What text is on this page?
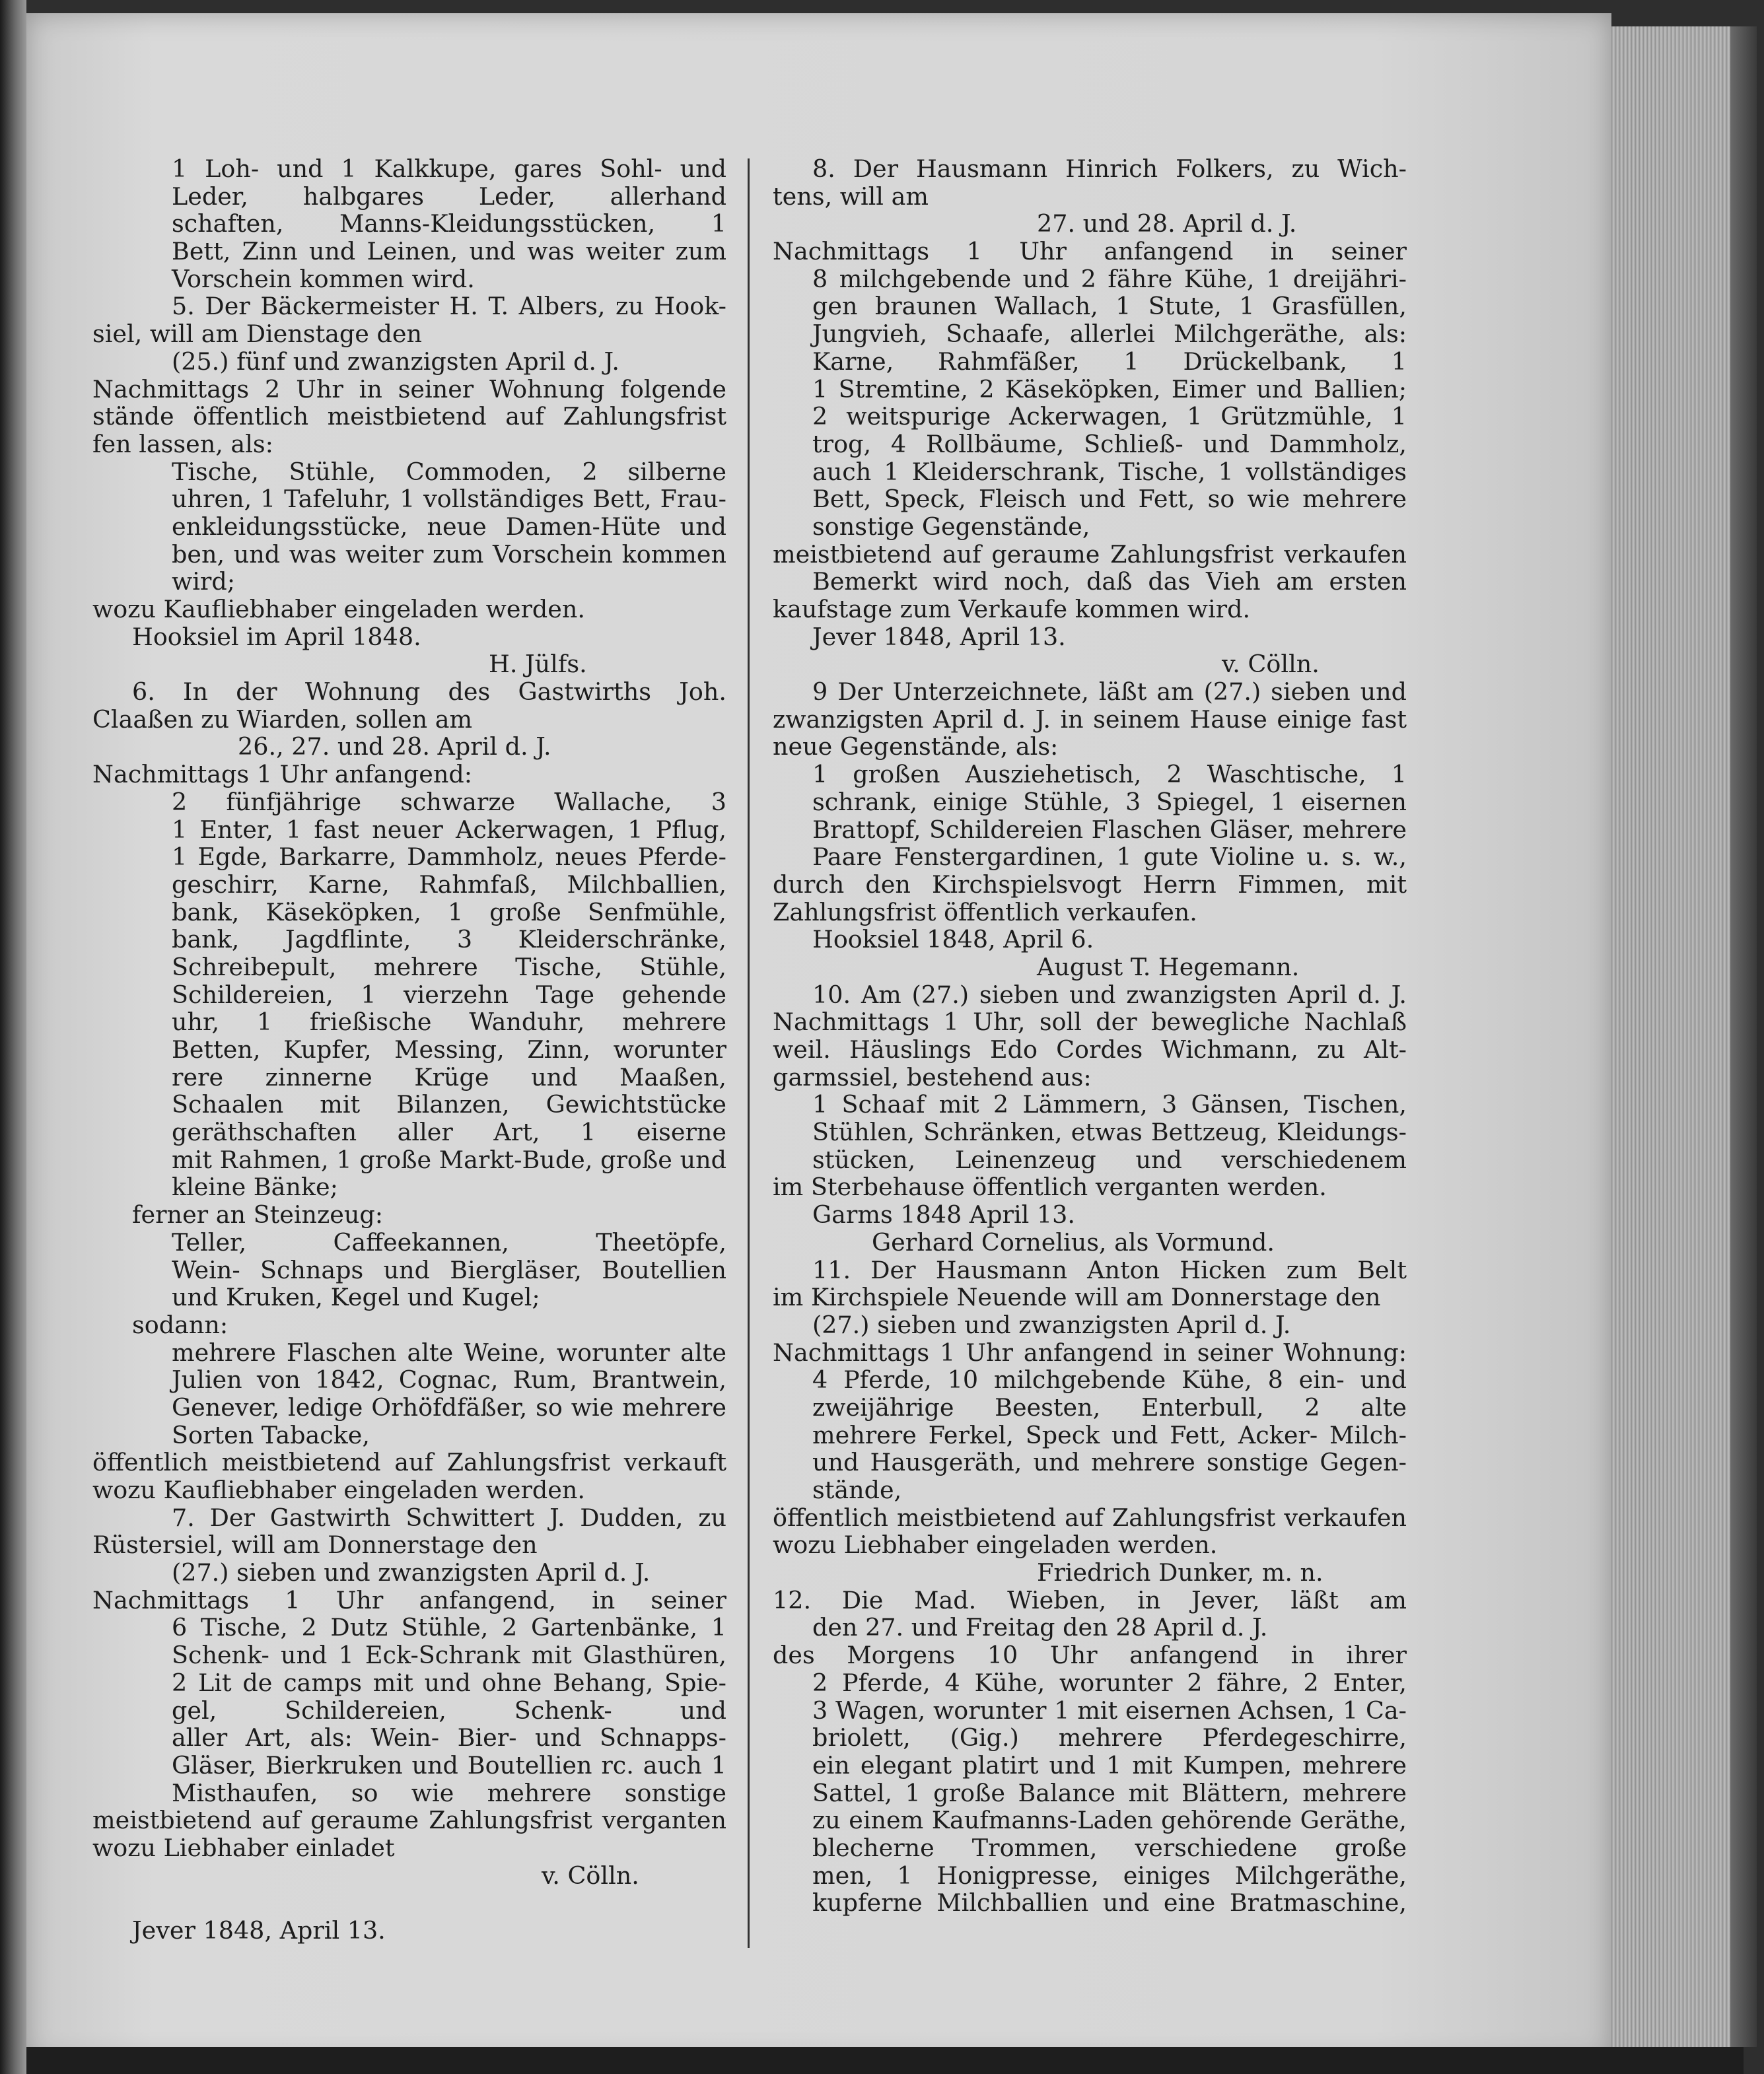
1 Loh- und 1 Kalkkupe, gares Sohl- und
Leder, halbgares Leder, allerhand
schaften, Manns-Kleidungsstücken, 1
Bett, Zinn und Leinen, und was weiter zum
Vorschein kommen wird.
5. Der Bäckermeister H. T. Albers, zu Hook-
siel, will am Dienstage den
(25.) fünf und zwanzigsten April d. J.
Nachmittags 2 Uhr in seiner Wohnung folgende
stände öffentlich meistbietend auf Zahlungsfrist
fen lassen, als:
Tische, Stühle, Commoden, 2 silberne
uhren, 1 Tafeluhr, 1 vollständiges Bett, Frau-
enkleidungsstücke, neue Damen-Hüte und
ben, und was weiter zum Vorschein kommen
wird;
wozu Kaufliebhaber eingeladen werden.
Hooksiel im April 1848.
H. Jülfs.
6. In der Wohnung des Gastwirths Joh.
Claaßen zu Wiarden, sollen am
26., 27. und 28. April d. J.
Nachmittags 1 Uhr anfangend:
2 fünfjährige schwarze Wallache, 3
1 Enter, 1 fast neuer Ackerwagen, 1 Pflug,
1 Egde, Barkarre, Dammholz, neues Pferde-
geschirr, Karne, Rahmfaß, Milchballien,
bank, Käseköpken, 1 große Senfmühle,
bank, Jagdflinte, 3 Kleiderschränke,
Schreibepult, mehrere Tische, Stühle,
Schildereien, 1 vierzehn Tage gehende
uhr, 1 frießische Wanduhr, mehrere
Betten, Kupfer, Messing, Zinn, worunter
rere zinnerne Krüge und Maaßen,
Schaalen mit Bilanzen, Gewichtstücke
geräthschaften aller Art, 1 eiserne
mit Rahmen, 1 große Markt-Bude, große und
kleine Bänke;
ferner an Steinzeug:
Teller, Caffeekannen, Theetöpfe,
Wein- Schnaps und Biergläser, Boutellien
und Kruken, Kegel und Kugel;
sodann:
mehrere Flaschen alte Weine, worunter alte
Julien von 1842, Cognac, Rum, Brantwein,
Genever, ledige Orhöfdfäßer, so wie mehrere
Sorten Tabacke,
öffentlich meistbietend auf Zahlungsfrist verkauft
wozu Kaufliebhaber eingeladen werden.
7. Der Gastwirth Schwittert J. Dudden, zu
Rüstersiel, will am Donnerstage den
(27.) sieben und zwanzigsten April d. J.
Nachmittags 1 Uhr anfangend, in seiner
6 Tische, 2 Dutz Stühle, 2 Gartenbänke, 1
Schenk- und 1 Eck-Schrank mit Glasthüren,
2 Lit de camps mit und ohne Behang, Spie-
gel, Schildereien, Schenk- und
aller Art, als: Wein- Bier- und Schnapps-
Gläser, Bierkruken und Boutellien rc. auch 1
Misthaufen, so wie mehrere sonstige
meistbietend auf geraume Zahlungsfrist verganten
wozu Liebhaber einladet
v. Cölln.
Jever 1848, April 13.
8. Der Hausmann Hinrich Folkers, zu Wich-
tens, will am
27. und 28. April d. J.
Nachmittags 1 Uhr anfangend in seiner
8 milchgebende und 2 fähre Kühe, 1 dreijähri-
gen braunen Wallach, 1 Stute, 1 Grasfüllen,
Jungvieh, Schaafe, allerlei Milchgeräthe, als:
Karne, Rahmfäßer, 1 Drückelbank, 1
1 Stremtine, 2 Käseköpken, Eimer und Ballien;
2 weitspurige Ackerwagen, 1 Grützmühle, 1
trog, 4 Rollbäume, Schließ- und Dammholz,
auch 1 Kleiderschrank, Tische, 1 vollständiges
Bett, Speck, Fleisch und Fett, so wie mehrere
sonstige Gegenstände,
meistbietend auf geraume Zahlungsfrist verkaufen
Bemerkt wird noch, daß das Vieh am ersten
kaufstage zum Verkaufe kommen wird.
Jever 1848, April 13.
v. Cölln.
9 Der Unterzeichnete, läßt am (27.) sieben und
zwanzigsten April d. J. in seinem Hause einige fast
neue Gegenstände, als:
1 großen Ausziehetisch, 2 Waschtische, 1
schrank, einige Stühle, 3 Spiegel, 1 eisernen
Brattopf, Schildereien Flaschen Gläser, mehrere
Paare Fenstergardinen, 1 gute Violine u. s. w.,
durch den Kirchspielsvogt Herrn Fimmen, mit
Zahlungsfrist öffentlich verkaufen.
Hooksiel 1848, April 6.
August T. Hegemann.
10. Am (27.) sieben und zwanzigsten April d. J.
Nachmittags 1 Uhr, soll der bewegliche Nachlaß
weil. Häuslings Edo Cordes Wichmann, zu Alt-
garmssiel, bestehend aus:
1 Schaaf mit 2 Lämmern, 3 Gänsen, Tischen,
Stühlen, Schränken, etwas Bettzeug, Kleidungs-
stücken, Leinenzeug und verschiedenem
im Sterbehause öffentlich verganten werden.
Garms 1848 April 13.
Gerhard Cornelius, als Vormund.
11. Der Hausmann Anton Hicken zum Belt
im Kirchspiele Neuende will am Donnerstage den
(27.) sieben und zwanzigsten April d. J.
Nachmittags 1 Uhr anfangend in seiner Wohnung:
4 Pferde, 10 milchgebende Kühe, 8 ein- und
zweijährige Beesten, Enterbull, 2 alte
mehrere Ferkel, Speck und Fett, Acker- Milch-
und Hausgeräth, und mehrere sonstige Gegen-
stände,
öffentlich meistbietend auf Zahlungsfrist verkaufen
wozu Liebhaber eingeladen werden.
Friedrich Dunker, m. n.
12. Die Mad. Wieben, in Jever, läßt am
den 27. und Freitag den 28 April d. J.
des Morgens 10 Uhr anfangend in ihrer
2 Pferde, 4 Kühe, worunter 2 fähre, 2 Enter,
3 Wagen, worunter 1 mit eisernen Achsen, 1 Ca-
briolett, (Gig.) mehrere Pferdegeschirre,
ein elegant platirt und 1 mit Kumpen, mehrere
Sattel, 1 große Balance mit Blättern, mehrere
zu einem Kaufmanns-Laden gehörende Geräthe,
blecherne Trommen, verschiedene große
men, 1 Honigpresse, einiges Milchgeräthe,
kupferne Milchballien und eine Bratmaschine,
